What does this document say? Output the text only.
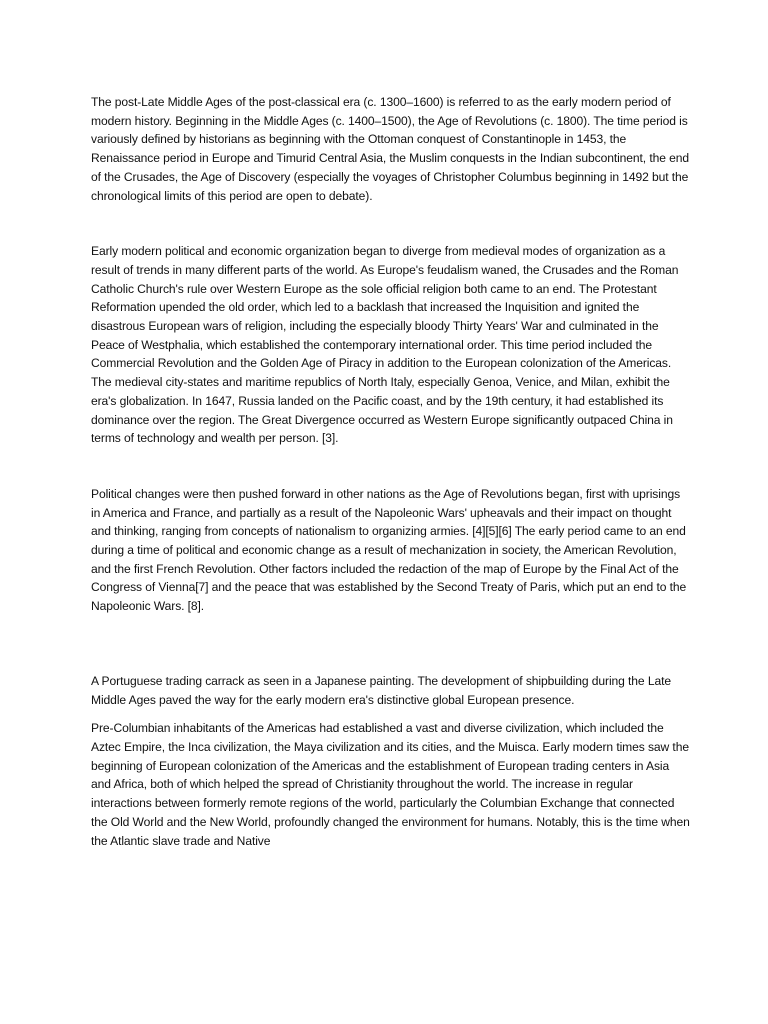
The post-Late Middle Ages of the post-classical era (c. 1300–1600) is referred to as the early modern period of modern history. Beginning in the Middle Ages (c. 1400–1500), the Age of Revolutions (c. 1800). The time period is variously defined by historians as beginning with the Ottoman conquest of Constantinople in 1453, the Renaissance period in Europe and Timurid Central Asia, the Muslim conquests in the Indian subcontinent, the end of the Crusades, the Age of Discovery (especially the voyages of Christopher Columbus beginning in 1492 but the chronological limits of this period are open to debate).

Early modern political and economic organization began to diverge from medieval modes of organization as a result of trends in many different parts of the world. As Europe's feudalism waned, the Crusades and the Roman Catholic Church's rule over Western Europe as the sole official religion both came to an end. The Protestant Reformation upended the old order, which led to a backlash that increased the Inquisition and ignited the disastrous European wars of religion, including the especially bloody Thirty Years' War and culminated in the Peace of Westphalia, which established the contemporary international order. This time period included the Commercial Revolution and the Golden Age of Piracy in addition to the European colonization of the Americas. The medieval city-states and maritime republics of North Italy, especially Genoa, Venice, and Milan, exhibit the era's globalization. In 1647, Russia landed on the Pacific coast, and by the 19th century, it had established its dominance over the region. The Great Divergence occurred as Western Europe significantly outpaced China in terms of technology and wealth per person. [3].

Political changes were then pushed forward in other nations as the Age of Revolutions began, first with uprisings in America and France, and partially as a result of the Napoleonic Wars' upheavals and their impact on thought and thinking, ranging from concepts of nationalism to organizing armies. [4][5][6] The early period came to an end during a time of political and economic change as a result of mechanization in society, the American Revolution, and the first French Revolution. Other factors included the redaction of the map of Europe by the Final Act of the Congress of Vienna[7] and the peace that was established by the Second Treaty of Paris, which put an end to the Napoleonic Wars. [8].

A Portuguese trading carrack as seen in a Japanese painting. The development of shipbuilding during the Late Middle Ages paved the way for the early modern era's distinctive global European presence.

Pre-Columbian inhabitants of the Americas had established a vast and diverse civilization, which included the Aztec Empire, the Inca civilization, the Maya civilization and its cities, and the Muisca. Early modern times saw the beginning of European colonization of the Americas and the establishment of European trading centers in Asia and Africa, both of which helped the spread of Christianity throughout the world. The increase in regular interactions between formerly remote regions of the world, particularly the Columbian Exchange that connected the Old World and the New World, profoundly changed the environment for humans. Notably, this is the time when the Atlantic slave trade and Native
